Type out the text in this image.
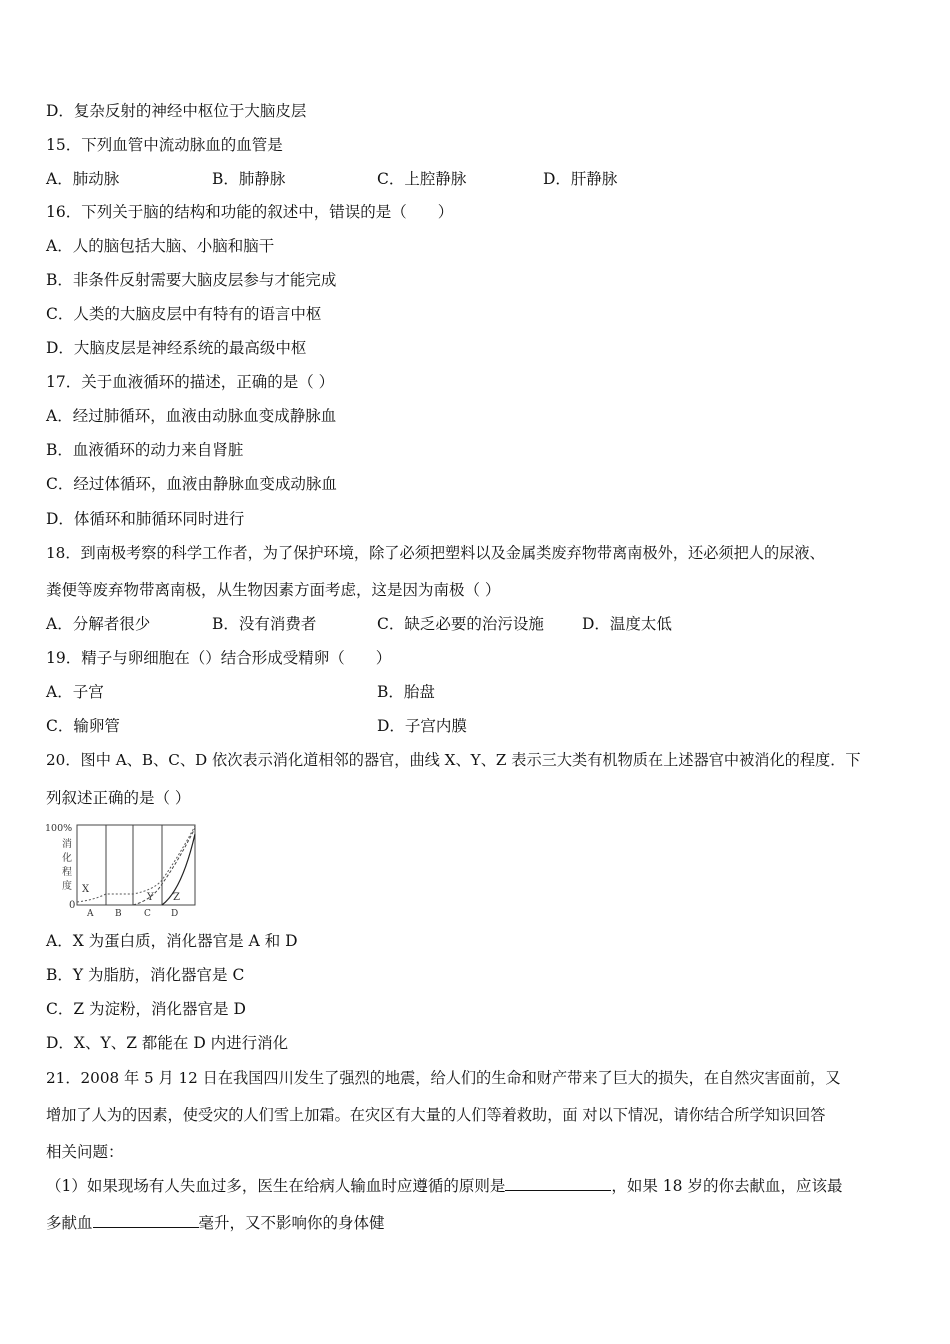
D．复杂反射的神经中枢位于大脑皮层
15．下列血管中流动脉血的血管是
A．肺动脉	B．肺静脉	C．上腔静脉	D．肝静脉
16．下列关于脑的结构和功能的叙述中，错误的是（　　）
A．人的脑包括大脑、小脑和脑干
B．非条件反射需要大脑皮层参与才能完成
C．人类的大脑皮层中有特有的语言中枢
D．大脑皮层是神经系统的最高级中枢
17．关于血液循环的描述，正确的是（ ）
A．经过肺循环，血液由动脉血变成静脉血
B．血液循环的动力来自肾脏
C．经过体循环，血液由静脉血变成动脉血
D．体循环和肺循环同时进行
18．到南极考察的科学工作者，为了保护环境，除了必须把塑料以及金属类废弃物带离南极外，还必须把人的尿液、
粪便等废弃物带离南极，从生物因素方面考虑，这是因为南极（ ）
A．分解者很少	B．没有消费者	C．缺乏必要的治污设施 D．温度太低
19．精子与卵细胞在（）结合形成受精卵（　　）
A．子宫	B．胎盘
C．输卵管	D．子宫内膜
20．图中 A、B、C、D 依次表示消化道相邻的器官，曲线 X、Y、Z 表示三大类有机物质在上述器官中被消化的程度．下
列叙述正确的是（ ）
100%
消
化
程
度
0
X
Y Z
A B C D
A．X 为蛋白质，消化器官是 A 和 D
B．Y 为脂肪，消化器官是 C
C．Z 为淀粉，消化器官是 D
D．X、Y、Z 都能在 D 内进行消化
21．2008 年 5 月 12 日在我国四川发生了强烈的地震，给人们的生命和财产带来了巨大的损失，在自然灾害面前，又
增加了人为的因素，使受灾的人们雪上加霜。在灾区有大量的人们等着救助，面 对以下情况，请你结合所学知识回答
相关问题：
（1）如果现场有人失血过多，医生在给病人输血时应遵循的原则是	，如果 18 岁的你去献血，应该最
多献血	毫升，又不影响你的身体健
